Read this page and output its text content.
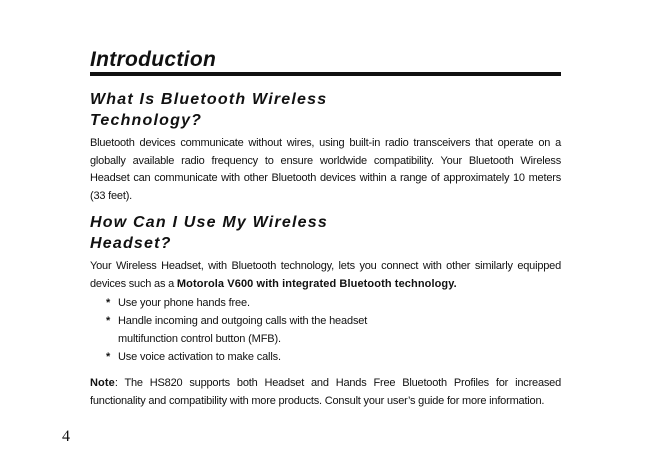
Introduction
What Is Bluetooth Wireless
Technology?
Bluetooth devices communicate without wires, using built-in radio transceivers that operate on a globally available radio frequency to ensure worldwide compatibility. Your Bluetooth Wireless Headset can communicate with other Bluetooth devices within a range of approximately 10 meters (33 feet).
How Can I Use My Wireless
Headset?
Your Wireless Headset, with Bluetooth technology, lets you connect with other similarly equipped devices such as a Motorola V600 with integrated Bluetooth technology.
* Use your phone hands free.
* Handle incoming and outgoing calls with the headset
multifunction control button (MFB).
* Use voice activation to make calls.
Note: The HS820 supports both Headset and Hands Free Bluetooth Profiles for increased functionality and compatibility with more products. Consult your user’s guide for more information.
4
